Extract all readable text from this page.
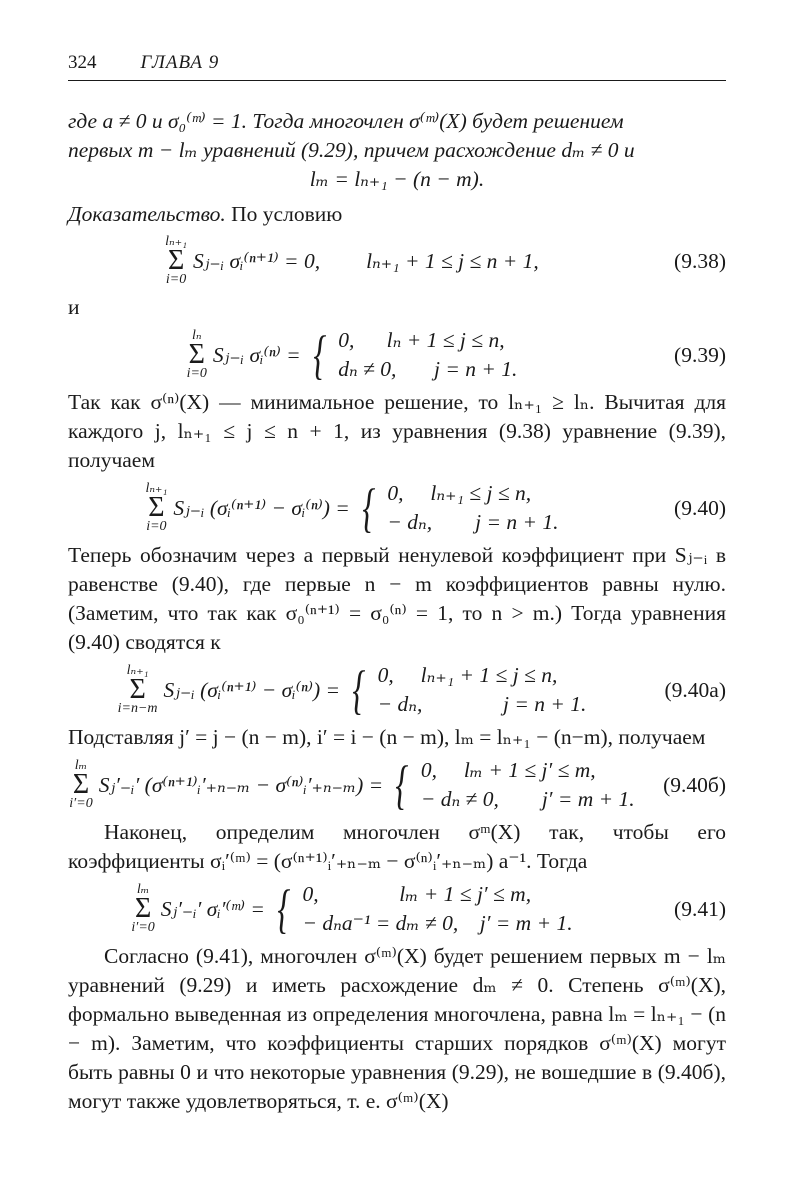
324 ГЛАВА 9

где a ≠ 0 и σ₀⁽ᵐ⁾ = 1. Тогда многочлен σ⁽ᵐ⁾(X) будет решением

первых m − lₘ уравнений (9.29), причем расхождение dₘ ≠ 0 и

lₘ = lₙ₊₁ − (n − m).

Доказательство. По условию

lₙ₊₁
Σ
i=0
Sⱼ₋ᵢ σᵢ⁽ⁿ⁺¹⁾ = 0, lₙ₊₁ + 1 ≤ j ≤ n + 1,	(9.38)

и

lₙ
Σ
i=0
Sⱼ₋ᵢ σᵢ⁽ⁿ⁾ = { 0,      lₙ + 1 ≤ j ≤ n,
dₙ ≠ 0,       j = n + 1.
(9.39)

Так как σ⁽ⁿ⁾(X) — минимальное решение, то lₙ₊₁ ≥ lₙ. Вычитая для каждого j, lₙ₊₁ ≤ j ≤ n + 1, из уравнения (9.38) уравнение (9.39), получаем

lₙ₊₁
Σ
i=0
Sⱼ₋ᵢ (σᵢ⁽ⁿ⁺¹⁾ − σᵢ⁽ⁿ⁾) = { 0,     lₙ₊₁ ≤ j ≤ n,
− dₙ,        j = n + 1.
(9.40)

Теперь обозначим через a первый ненулевой коэффициент при Sⱼ₋ᵢ в равенстве (9.40), где первые n − m коэффициентов равны нулю. (Заметим, что так как σ₀⁽ⁿ⁺¹⁾ = σ₀⁽ⁿ⁾ = 1, то n > m.) Тогда уравнения (9.40) сводятся к

lₙ₊₁
Σ
i=n−m
Sⱼ₋ᵢ (σᵢ⁽ⁿ⁺¹⁾ − σᵢ⁽ⁿ⁾) = { 0,     lₙ₊₁ + 1 ≤ j ≤ n,
− dₙ,               j = n + 1.
(9.40a)

Подставляя j′ = j − (n − m), i′ = i − (n − m), lₘ = lₙ₊₁ − (n−m), получаем

lₘ
Σ
i′=0
Sⱼ′₋ᵢ′ (σ⁽ⁿ⁺¹⁾ᵢ′₊ₙ₋ₘ − σ⁽ⁿ⁾ᵢ′₊ₙ₋ₘ) = { 0,     lₘ + 1 ≤ j′ ≤ m,
− dₙ ≠ 0,        j′ = m + 1.
(9.40б)

Наконец, определим многочлен σᵐ(X) так, чтобы его коэффициенты σᵢ′⁽ᵐ⁾ = (σ⁽ⁿ⁺¹⁾ᵢ′₊ₙ₋ₘ − σ⁽ⁿ⁾ᵢ′₊ₙ₋ₘ) a⁻¹. Тогда

lₘ
Σ
i′=0
Sⱼ′₋ᵢ′ σᵢ′⁽ᵐ⁾ = { 0,               lₘ + 1 ≤ j′ ≤ m,
− dₙa⁻¹ = dₘ ≠ 0,    j′ = m + 1.
(9.41)

Согласно (9.41), многочлен σ⁽ᵐ⁾(X) будет решением первых m − lₘ уравнений (9.29) и иметь расхождение dₘ ≠ 0. Степень σ⁽ᵐ⁾(X), формально выведенная из определения многочлена, равна lₘ = lₙ₊₁ − (n − m). Заметим, что коэффициенты старших порядков σ⁽ᵐ⁾(X) могут быть равны 0 и что некоторые уравнения (9.29), не вошедшие в (9.40б), могут также удовлетворяться, т. е. σ⁽ᵐ⁾(X)
